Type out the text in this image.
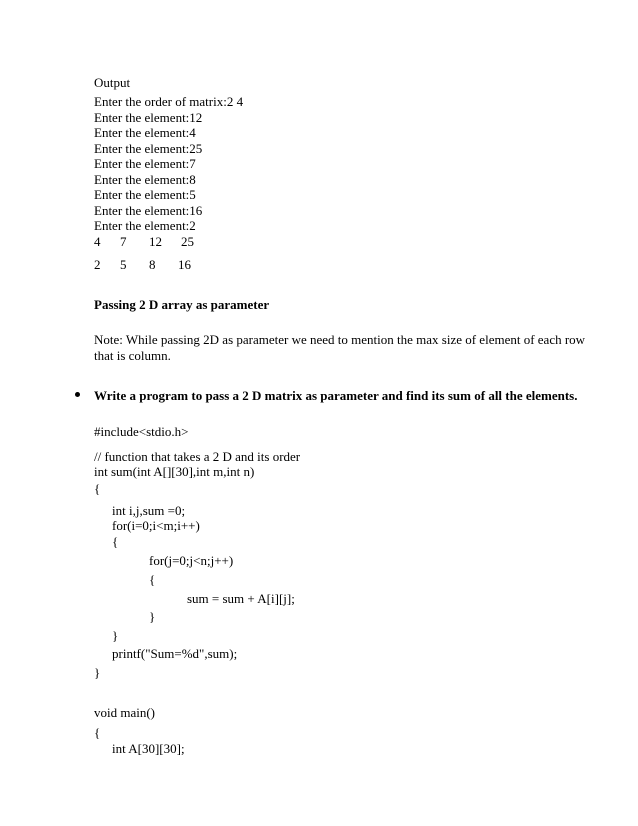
Output
Enter the order of matrix:2 4
Enter the element:12
Enter the element:4
Enter the element:25
Enter the element:7
Enter the element:8
Enter the element:5
Enter the element:16
Enter the element:2
4 7 12 25
2 5 8 16
Passing 2 D array as parameter
Note: While passing 2D as parameter we need to mention the max size of element of each row
that is column.
Write a program to pass a 2 D matrix as parameter and find its sum of all the elements.
#include<stdio.h>
// function that takes a 2 D and its order
int sum(int A[][30],int m,int n)
{
int i,j,sum =0;
for(i=0;i<m;i++)
{
for(j=0;j<n;j++)
{
sum = sum + A[i][j];
}
}
printf("Sum=%d",sum);
}
void main()
{
int A[30][30];
